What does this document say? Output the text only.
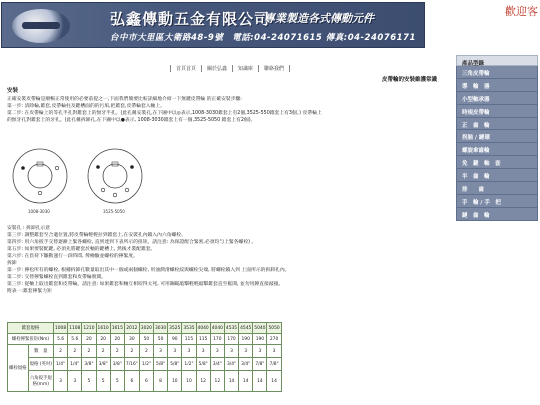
歡迎客
弘鑫傳動五金有限公司
專業製造各式傳動元件
台中市大里區大衛路48-9號　電話:04-24071615 傳真:04-24076171
首頁首頁	關於弘鑫	知識庫	聯絡我們
皮帶輪的安裝維護常識
產品型錄
三角皮帶輪
導　輪　器
小型軸承器
時規皮帶輪
正　齒　輪
拐脑 / 鏈環
螺旋傘齒輪
免　鍵　軸　套
半　齒　輪
排　　齒
手　輪 / 手　把
鏈　齒　輪
安裝
正確安裝皮帶輪是順暢正常使用的必要前提之一,下面我們簡要比較詳細地介紹一下無鍵皮帶輪 的正確安裝步驟:
第一步: 清除輪,錐套,皮帶輪柱及鍵槽面的的污垢,把錐套,皮帶輪套入軸上。
第二步: 在皮帶輪上的等孔半孔對錐套上的無牙半孔。(此孔稱安裝孔,在下圖中以◎表示,1008-3030錐套上有2個,3525-550錐套上有3個。) 皮帶輪上
的無牙孔對錐套上的牙孔。(此孔稱拆卸孔,在下圖中以●表示, 1008-3030錐套上有一個,3525-5050 錐套上有2個)。
1008-3030	3525-5050
安裝孔 : 拆卸孔示意
第三步: 調整錐套至合適位置,將皮帶輪輕輕拉到錐套上,在安裝孔內鎖入內六角螺栓。
第四步: 用六角扳手交替逐漸上緊各螺栓, 直到達到下表所示的扭矩。請注意: 為保證配合緊密,必須均勻上緊各螺栓) 。
第五步: 如果要裝配鍵, 必須先將鍵套於軸的鍵槽上, 然後才裝配錐套。
第六步: 在負荷下驅動運行一段時間, 俾檢驗並螺栓的擰緊度。
拆卸
第一步: 擰松所有的螺栓, 根據拆卸孔數量取出其中一個或兩個螺栓, 用油潤滑螺栓紋與螺栓尖端, 將螺栓鎖入到 上面所示的拆卸孔內。
第二步: 交替擰緊螺栓直到錐套和皮帶輪脫開。
第三步: 從軸上取出錐套和皮帶輪。請注意: 如果錐套和軸互相咬得太死, 可用鋼鎚敲擊輕輕敲擊錐套直至鬆開, 並勿用錘直接敲撞。
附表一:錐套擰緊力矩
錐套規格		1008	1108	1210	1610	1615	2012	3020	3030	3525	3535	4040	4040	4535	4545	5040	5050
螺栓擰緊扭矩(Nm)		5.6	5.6	20	20	20	30	50	50	90	115	115	170	170	190	190	270
螺栓規格	數　量	2	2	2	2	2	2	2	3	3	3	3	3	3	3	3	3
	規格 (英吋)	1/4"	1/4"	3/8"	3/8"	3/8"	7/16"	1/2"	5/8"	5/8"	1/2"	5/8"	3/4"	3/4"	3/4"	7/8"	7/8"
	六角扳手規格(mm)	3	3	5	5	5	6	6	8	10	10	12	12	14	14	14	14
